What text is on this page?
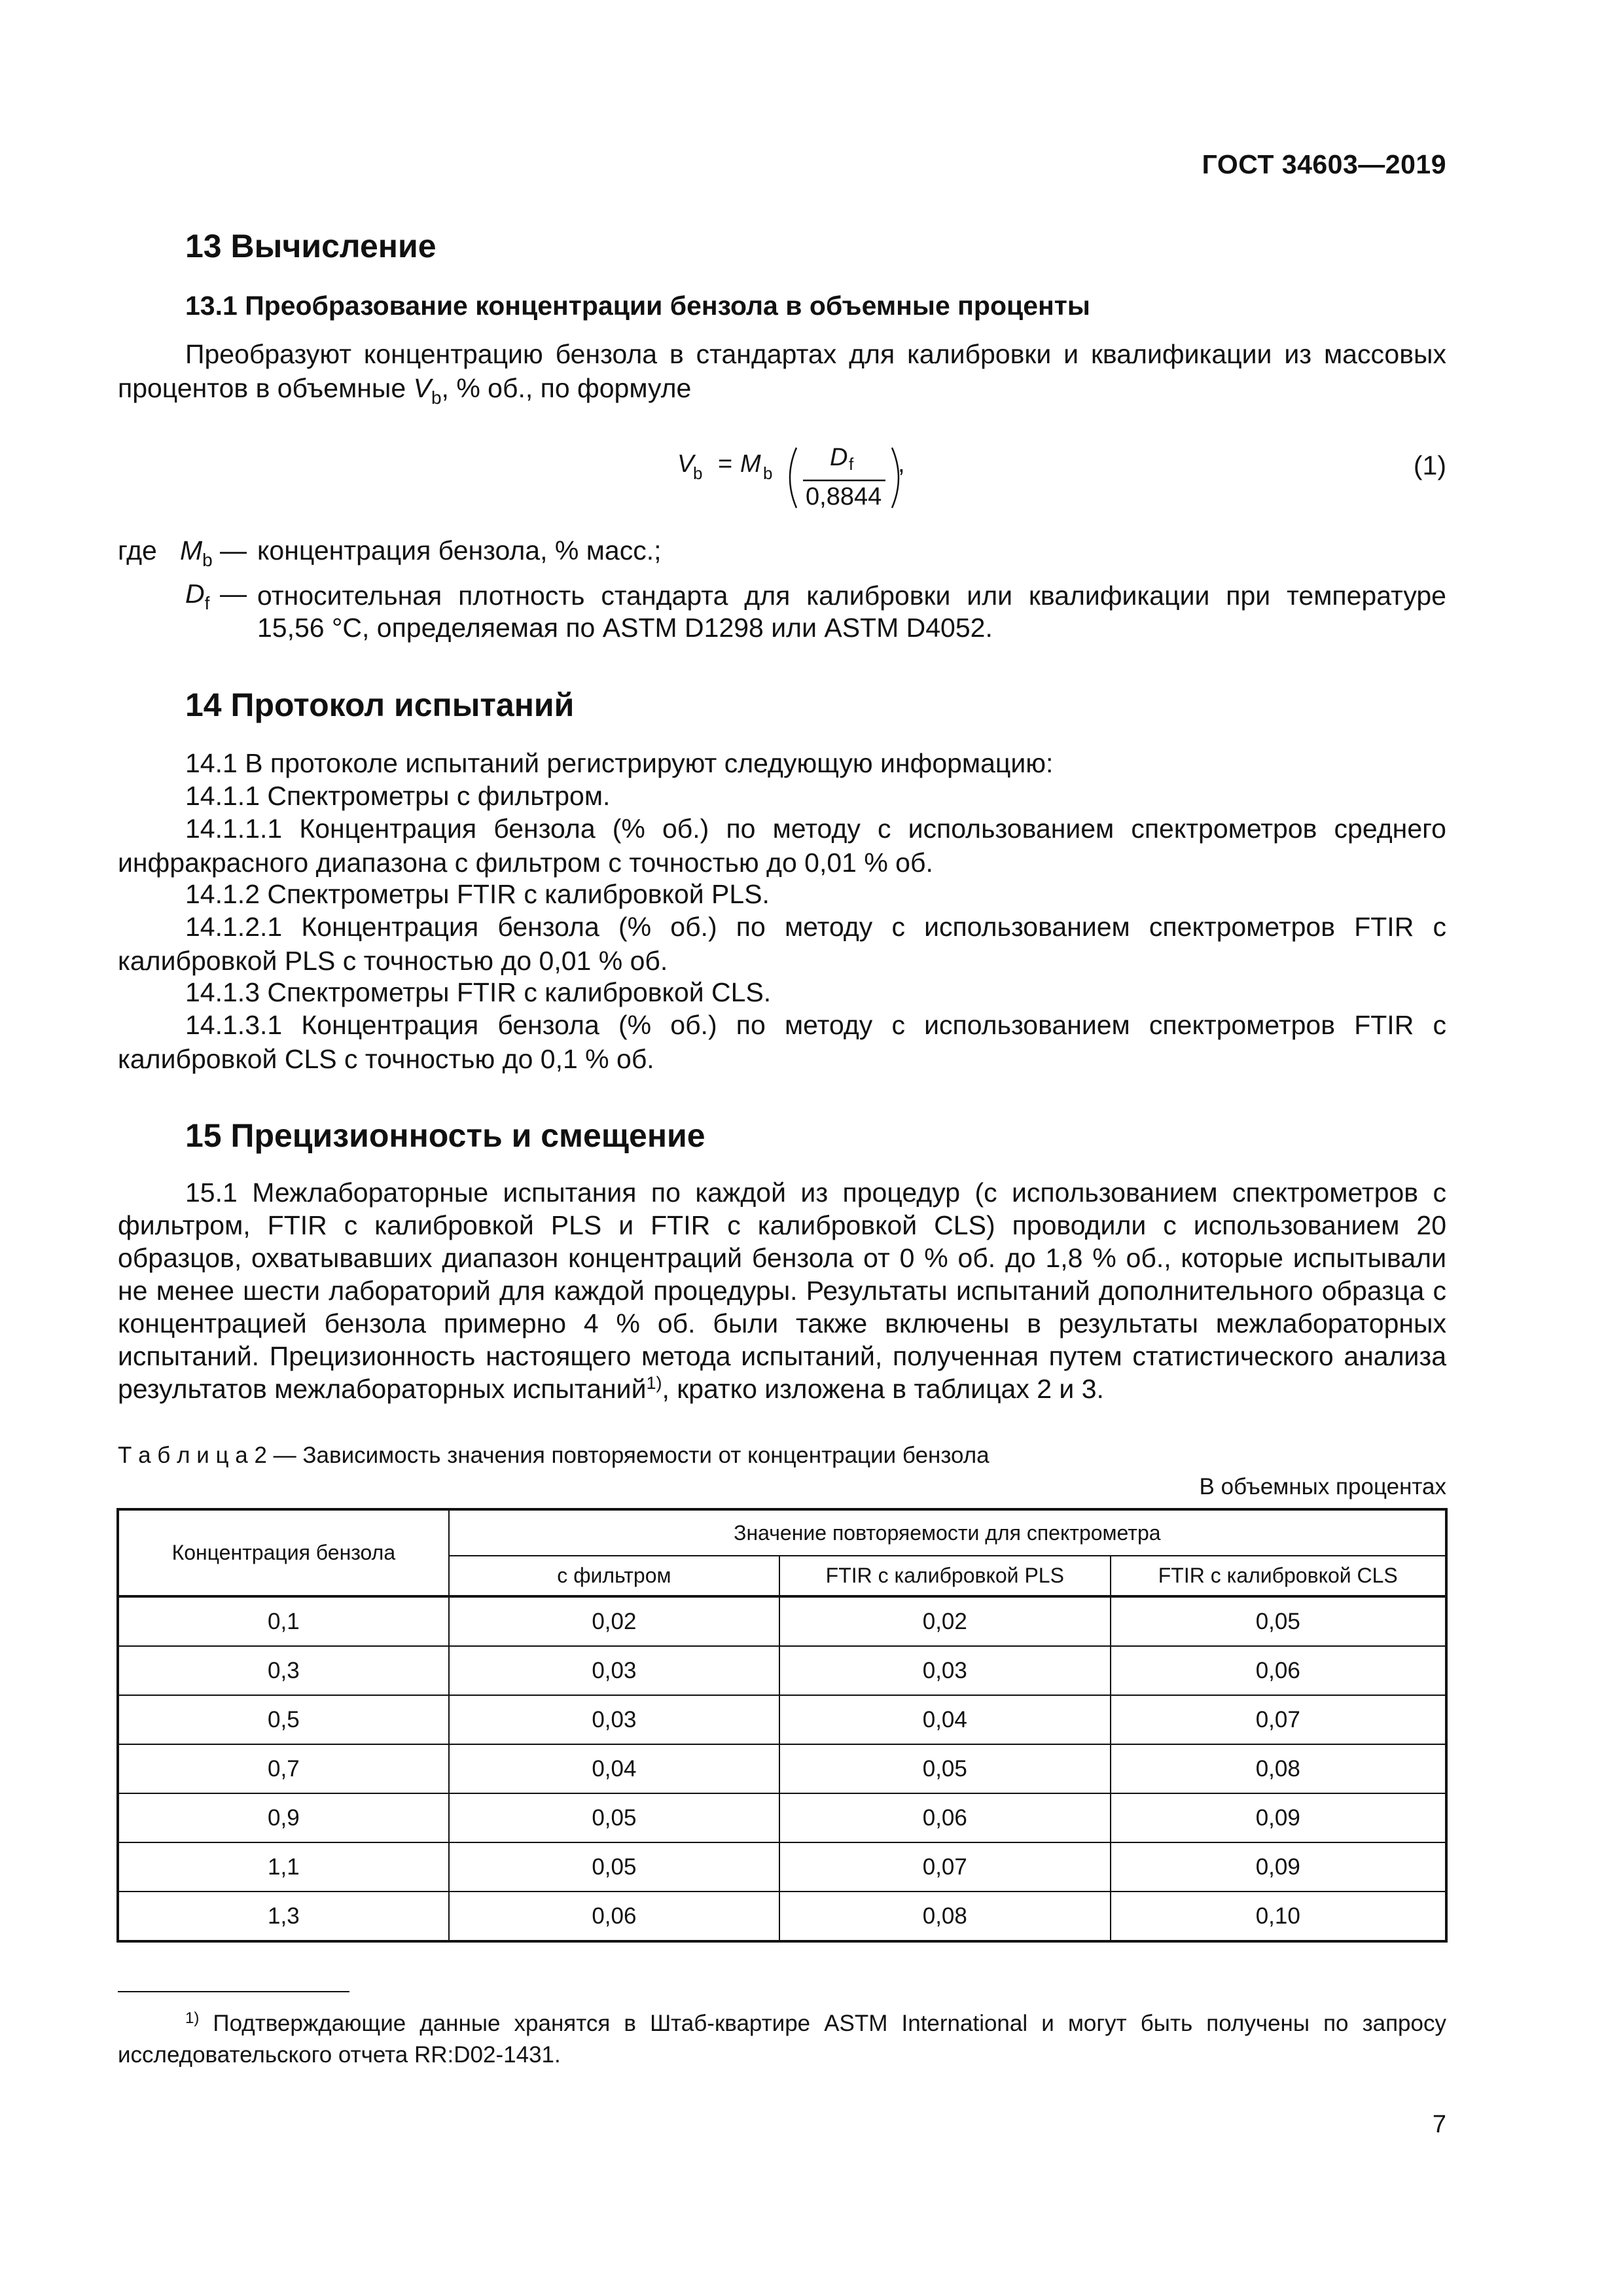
ГОСТ 34603—2019
13 Вычисление
13.1 Преобразование концентрации бензола в объемные проценты

Преобразуют концентрацию бензола в стандартах для калибровки и квалификации из массовых процентов в объемные $V_b$, % об., по формуле

V
b = M b
D f
0,8844
,	(1)
где $M_b$ — концентрация бензола, % масс.;
$D_f$ — относительная плотность стандарта для калибровки или квалификации при температуре
15,56 °C, определяемая по ASTM D1298 или ASTM D4052.
14 Протокол испытаний
14.1 В протоколе испытаний регистрируют следующую информацию:
14.1.1 Спектрометры с фильтром.

14.1.1.1 Концентрация бензола (% об.) по методу с использованием спектрометров среднего инфракрасного диапазона с фильтром с точностью до 0,01 % об.

14.1.2 Спектрометры FTIR с калибровкой PLS.

14.1.2.1 Концентрация бензола (% об.) по методу с использованием спектрометров FTIR с калибровкой PLS с точностью до 0,01 % об.

14.1.3 Спектрометры FTIR с калибровкой CLS.

14.1.3.1 Концентрация бензола (% об.) по методу с использованием спектрометров FTIR с калибровкой CLS с точностью до 0,1 % об.

15 Прецизионность и смещение

15.1 Межлабораторные испытания по каждой из процедур (с использованием спектрометров с фильтром, FTIR с калибровкой PLS и FTIR с калибровкой CLS) проводили с использованием 20 образцов, охватывавших диапазон концентраций бензола от 0 % об. до 1,8 % об., которые испытывали не менее шести лабораторий для каждой процедуры. Результаты испытаний дополнительного образца с концентрацией бензола примерно 4 % об. были также включены в результаты межлабораторных испытаний. Прецизионность настоящего метода испытаний, полученная путем статистического анализа результатов межлабораторных испытаний$^{1)}$, кратко изложена в таблицах 2 и 3.

Т а б л и ц а 2 — Зависимость значения повторяемости от концентрации бензола
В объемных процентах
Концентрация бензола	Значение повторяемости для спектрометра		
	с фильтром	FTIR с калибровкой PLS	FTIR с калибровкой CLS
0,1	0,02	0,02	0,05
0,3	0,03	0,03	0,06
0,5	0,03	0,04	0,07
0,7	0,04	0,05	0,08
0,9	0,05	0,06	0,09
1,1	0,05	0,07	0,09
1,3	0,06	0,08	0,10

$^{1)}$ Подтверждающие данные хранятся в Штаб-квартире ASTM International и могут быть получены по запросу исследовательского отчета RR:D02-1431.

7
